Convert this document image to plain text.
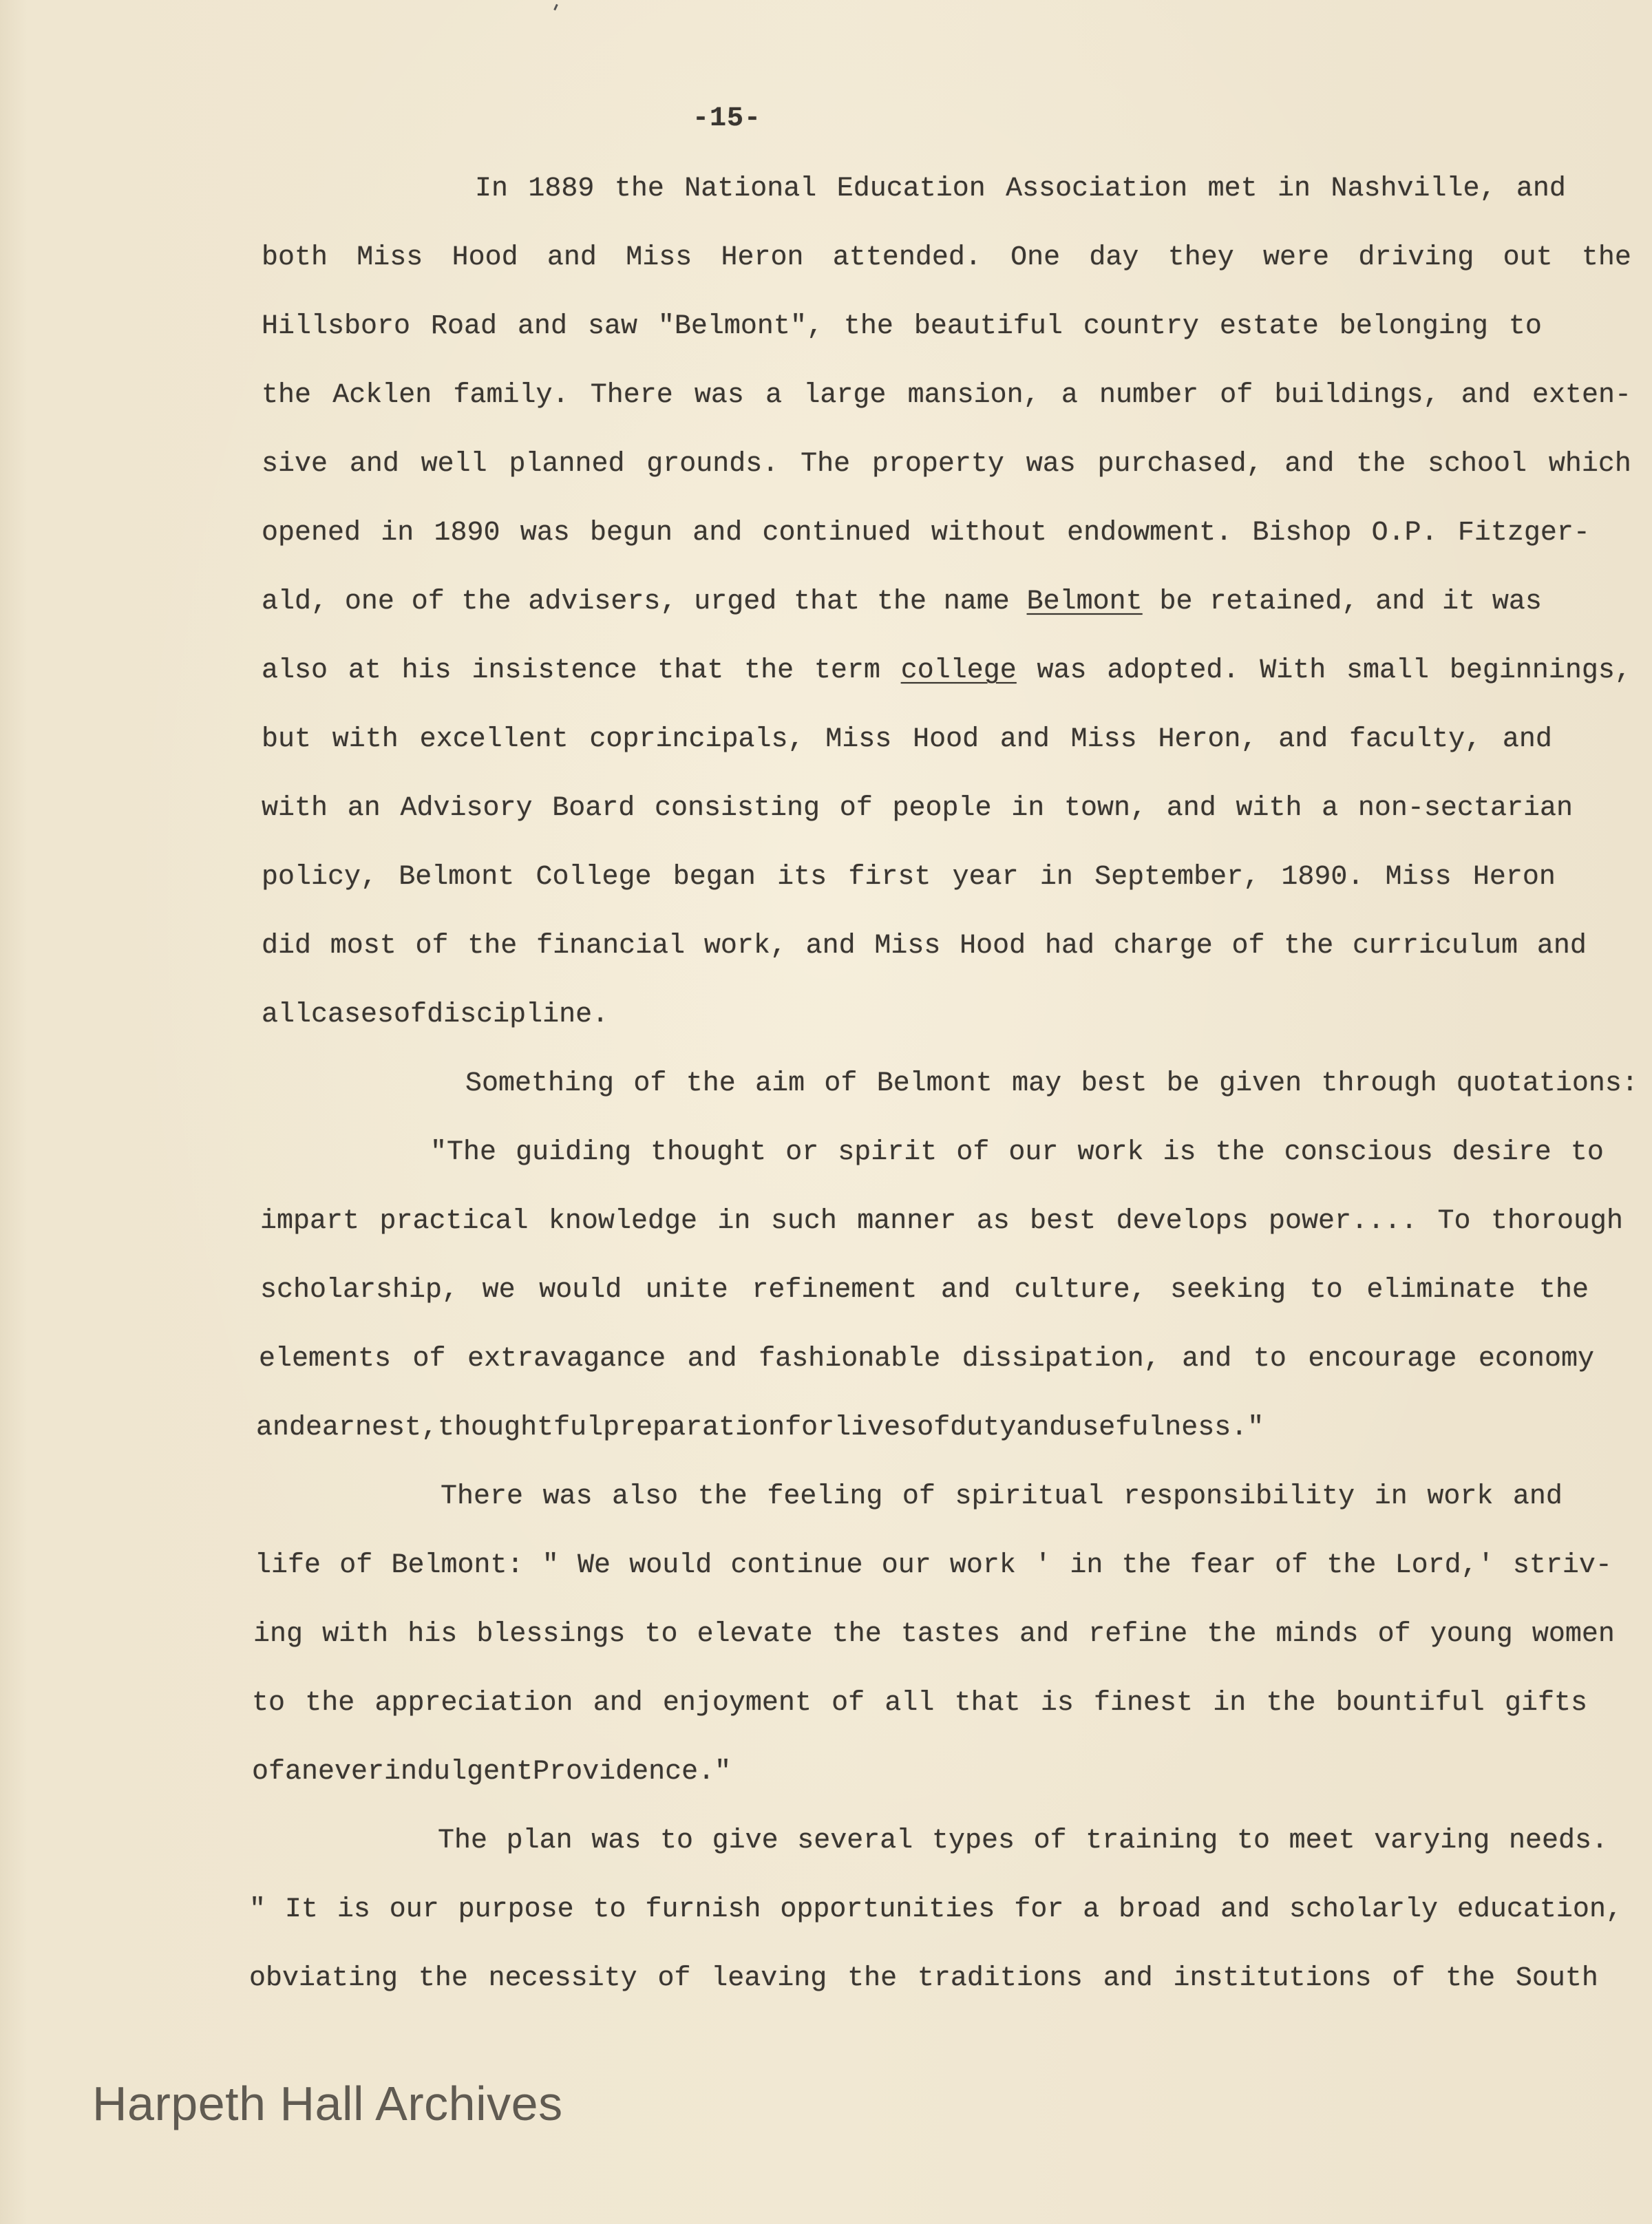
-15-
In 1889 the National Education Association met in Nashville, and
both Miss Hood and Miss Heron attended. One day they were driving out the
Hillsboro Road and saw "Belmont", the beautiful country estate belonging to
the Acklen family. There was a large mansion, a number of buildings, and exten-
sive and well planned grounds. The property was purchased, and the school which
opened in 1890 was begun and continued without endowment. Bishop O.P. Fitzger-
ald, one of the advisers, urged that the name Belmont be retained, and it was
also at his insistence that the term college was adopted. With small beginnings,
but with excellent coprincipals, Miss Hood and Miss Heron, and faculty, and
with an Advisory Board consisting of people in town, and with a non-sectarian
policy, Belmont College began its first year in September, 1890. Miss Heron
did most of the financial work, and Miss Hood had charge of the curriculum and
all cases of discipline.
Something of the aim of Belmont may best be given through quotations:
"The guiding thought or spirit of our work is the conscious desire to
impart practical knowledge in such manner as best develops power.... To thorough
scholarship, we would unite refinement and culture, seeking to eliminate the
elements of extravagance and fashionable dissipation, and to encourage economy
and earnest, thoughtful preparation for lives of duty and usefulness. "
There was also the feeling of spiritual responsibility in work and
life of Belmont: " We would continue our work ' in the fear of the Lord,' striv-
ing with his blessings to elevate the tastes and refine the minds of young women
to the appreciation and enjoyment of all that is finest in the bountiful gifts
of an ever indulgent Providence. "
The plan was to give several types of training to meet varying needs.
" It is our purpose to furnish opportunities for a broad and scholarly education,
obviating the necessity of leaving the traditions and institutions of the South
Harpeth Hall Archives
